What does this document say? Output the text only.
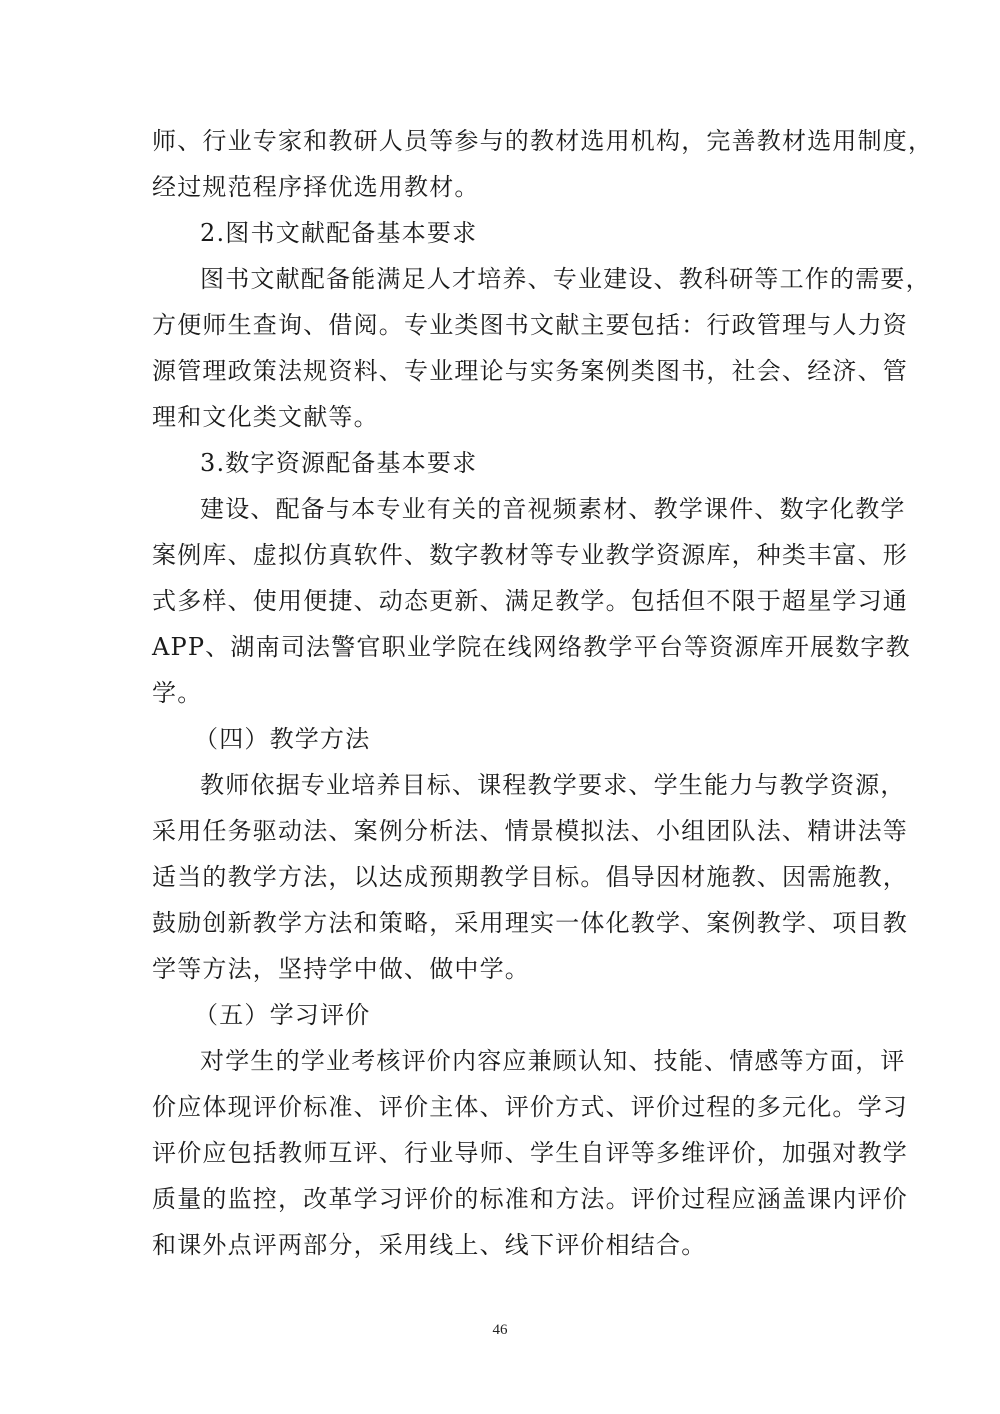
师、行业专家和教研人员等参与的教材选用机构，完善教材选用制度，
经过规范程序择优选用教材。
2.图书文献配备基本要求
图书文献配备能满足人才培养、专业建设、教科研等工作的需要，
方便师生查询、借阅。专业类图书文献主要包括：行政管理与人力资
源管理政策法规资料、专业理论与实务案例类图书，社会、经济、管
理和文化类文献等。
3.数字资源配备基本要求
建设、配备与本专业有关的音视频素材、教学课件、数字化教学
案例库、虚拟仿真软件、数字教材等专业教学资源库，种类丰富、形
式多样、使用便捷、动态更新、满足教学。包括但不限于超星学习通
APP、湖南司法警官职业学院在线网络教学平台等资源库开展数字教
学。
（四）教学方法
教师依据专业培养目标、课程教学要求、学生能力与教学资源，
采用任务驱动法、案例分析法、情景模拟法、小组团队法、精讲法等
适当的教学方法，以达成预期教学目标。倡导因材施教、因需施教，
鼓励创新教学方法和策略，采用理实一体化教学、案例教学、项目教
学等方法，坚持学中做、做中学。
（五）学习评价
对学生的学业考核评价内容应兼顾认知、技能、情感等方面，评
价应体现评价标准、评价主体、评价方式、评价过程的多元化。学习
评价应包括教师互评、行业导师、学生自评等多维评价，加强对教学
质量的监控，改革学习评价的标准和方法。评价过程应涵盖课内评价
和课外点评两部分，采用线上、线下评价相结合。
46
